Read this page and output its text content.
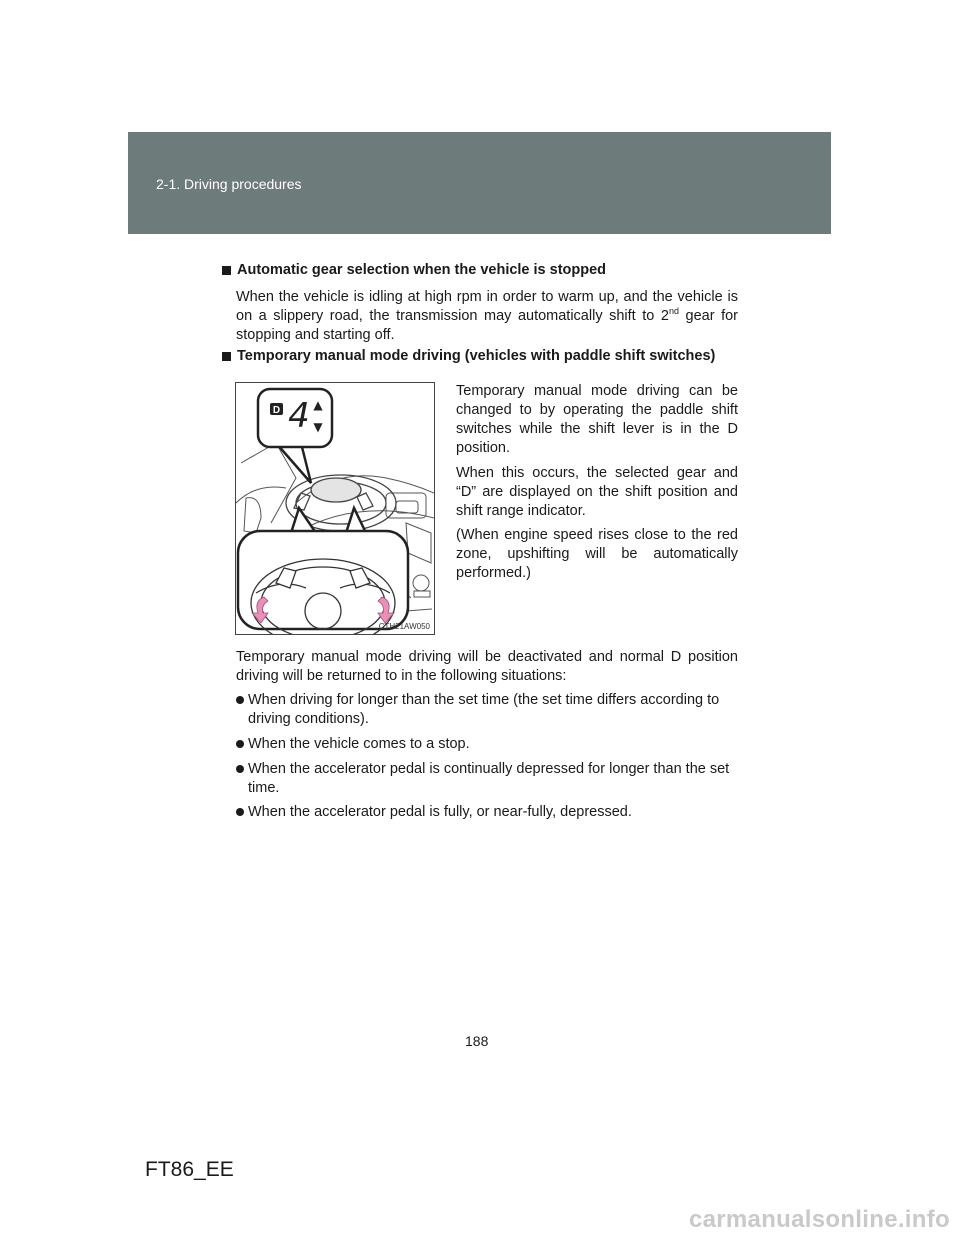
2-1. Driving procedures
Automatic gear selection when the vehicle is stopped
When the vehicle is idling at high rpm in order to warm up, and the vehicle is
on a slippery road, the transmission may automatically shift to 2nd gear for
stopping and starting off.
Temporary manual mode driving (vehicles with paddle shift switches)
D 4 ▲
▼
CTH21AW050
Temporary manual mode driving can be changed to by operating the paddle shift switches while the shift lever is in the D position.
When this occurs, the selected gear and “D” are displayed on the shift position and shift range indicator.
(When engine speed rises close to the red zone, upshifting will be automatically performed.)
Temporary manual mode driving will be deactivated and normal D position driving will be returned to in the following situations:
When driving for longer than the set time (the set time differs according to driving conditions).
When the vehicle comes to a stop.
When the accelerator pedal is continually depressed for longer than the set time.
When the accelerator pedal is fully, or near-fully, depressed.
188
FT86_EE
carmanualsonline.info
